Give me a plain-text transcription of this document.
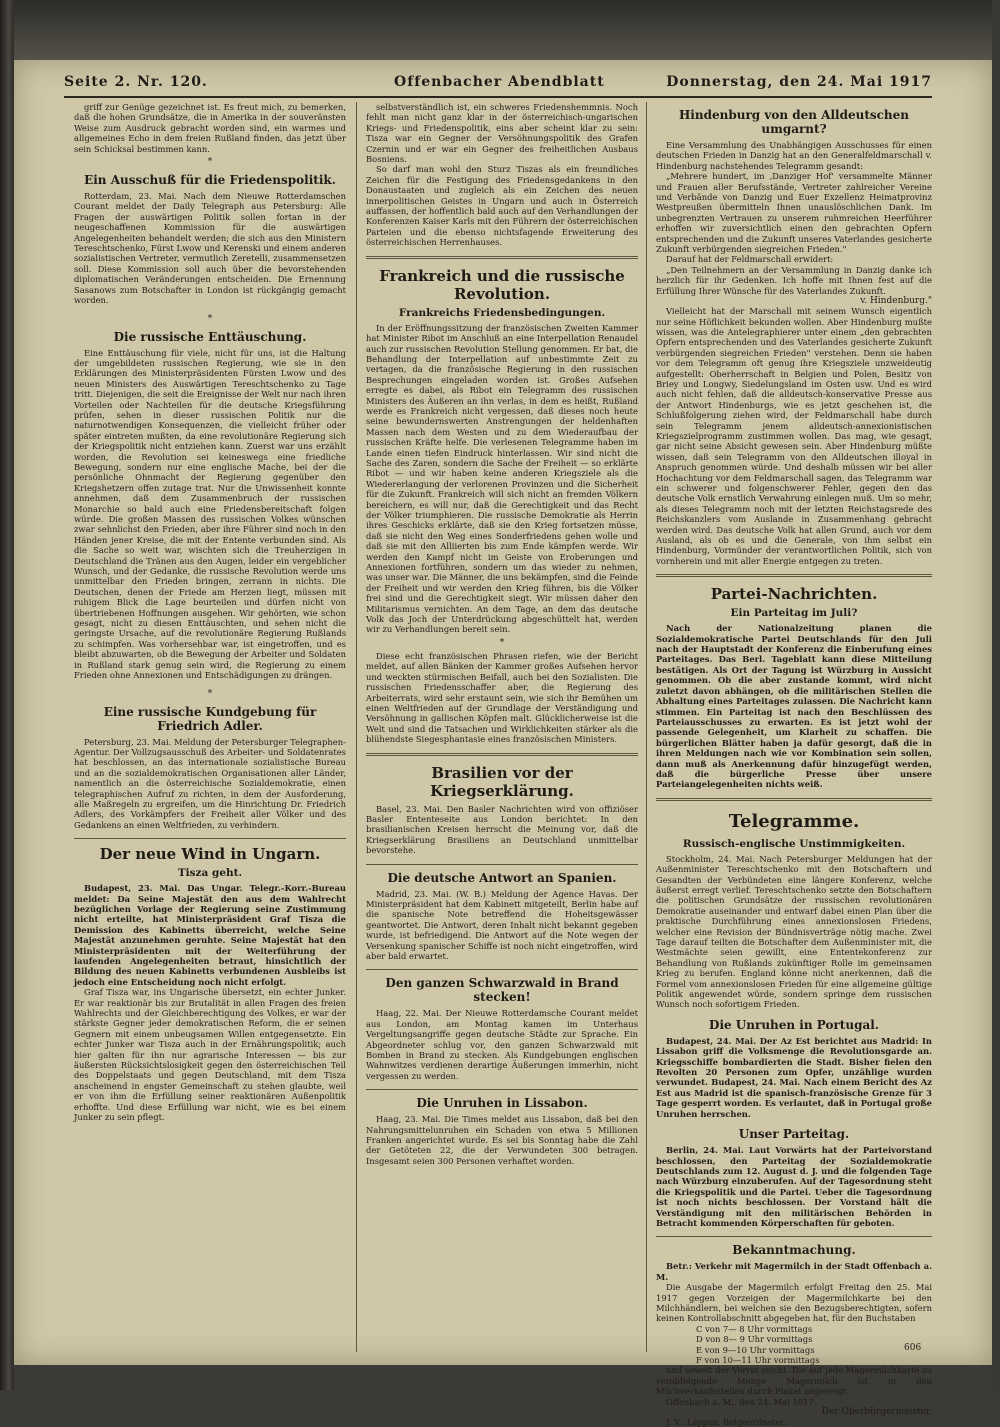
Seite 2. Nr. 120.	Offenbacher Abendblatt	Donnerstag, den 24. Mai 1917

griff zur Genüge gezeichnet ist. Es freut mich, zu bemerken, daß die hohen Grundsätze, die in Amerika in der souveränsten Weise zum Ausdruck gebracht worden sind, ein warmes und allgemeines Echo in dem freien Rußland finden, das jetzt über sein Schicksal bestimmen kann.

*
Ein Ausschuß für die Friedenspolitik.

Rotterdam, 23. Mai. Nach dem Nieuwe Rotterdamschen Courant meldet der Daily Telegraph aus Petersburg: Alle Fragen der auswärtigen Politik sollen fortan in der neugeschaffenen Kommission für die auswärtigen Angelegenheiten behandelt werden; die sich aus den Ministern Tereschtschenko, Fürst Lwow und Kerenski und einem anderen sozialistischen Vertreter, vermutlich Zeretelli, zusammensetzen soll. Diese Kommission soll auch über die bevorstehenden diplomatischen Veränderungen entscheiden. Die Ernennung Sasanows zum Botschafter in London ist rückgängig gemacht worden.

*
Die russische Enttäuschung.

Eine Enttäuschung für viele, nicht für uns, ist die Haltung der umgebildeten russischen Regierung, wie sie in den Erklärungen des Ministerpräsidenten Fürsten Lwow und des neuen Ministers des Auswärtigen Tereschtschenko zu Tage tritt. Diejenigen, die seit die Ereignisse der Welt nur nach ihren Vorteilen oder Nachteilen für die deutsche Kriegsführung prüfen, sehen in dieser russischen Politik nur die naturnotwendigen Konsequenzen, die vielleicht früher oder später eintreten mußten, da eine revolutionäre Regierung sich der Kriegspolitik nicht entziehen kann. Zuerst war uns erzählt worden, die Revolution sei keineswegs eine friedliche Bewegung, sondern nur eine englische Mache, bei der die persönliche Ohnmacht der Regierung gegenüber den Kriegshetzern offen zutage trat. Nur die Unwissenheit konnte annehmen, daß dem Zusammenbruch der russischen Monarchie so bald auch eine Friedensbereitschaft folgen würde. Die großen Massen des russischen Volkes wünschen zwar sehnlichst den Frieden, aber ihre Führer sind noch in den Händen jener Kreise, die mit der Entente verbunden sind. Als die Sache so weit war, wischten sich die Treuherzigen in Deutschland die Tränen aus den Augen, leider ein vergeblicher Wunsch, und der Gedanke, die russische Revolution werde uns unmittelbar den Frieden bringen, zerrann in nichts. Die Deutschen, denen der Friede am Herzen liegt, müssen mit ruhigem Blick die Lage beurteilen und dürfen nicht von übertriebenen Hoffnungen ausgehen. Wir gehörten, wie schon gesagt, nicht zu diesen Enttäuschten, und sehen nicht die geringste Ursache, auf die revolutionäre Regierung Rußlands zu schimpfen. Was vorhersehbar war, ist eingetroffen, und es bleibt abzuwarten, ob die Bewegung der Arbeiter und Soldaten in Rußland stark genug sein wird, die Regierung zu einem Frieden ohne Annexionen und Entschädigungen zu drängen.

*
Eine russische Kundgebung für Friedrich Adler.

Petersburg, 23. Mai. Meldung der Petersburger Telegraphen-Agentur. Der Vollzugsausschuß des Arbeiter- und Soldatenrates hat beschlossen, an das internationale sozialistische Bureau und an die sozialdemokratischen Organisationen aller Länder, namentlich an die österreichische Sozialdemokratie, einen telegraphischen Aufruf zu richten, in dem der Ausforderung, alle Maßregeln zu ergreifen, um die Hinrichtung Dr. Friedrich Adlers, des Vorkämpfers der Freiheit aller Völker und des Gedankens an einen Weltfrieden, zu verhindern.

Der neue Wind in Ungarn.
Tisza geht.

Budapest, 23. Mai. Das Ungar. Telegr.-Korr.-Bureau meldet: Da Seine Majestät den aus dem Wahlrecht bezüglichen Vorlage der Regierung seine Zustimmung nicht erteilte, hat Ministerpräsident Graf Tisza die Demission des Kabinetts überreicht, welche Seine Majestät anzunehmen geruhte. Seine Majestät hat den Ministerpräsidenten mit der Weiterführung der laufenden Angelegenheiten betraut, hinsichtlich der Bildung des neuen Kabinetts verbundenen Ausbleibs ist jedoch eine Entscheidung noch nicht erfolgt.

Graf Tisza war, ins Ungarische übersetzt, ein echter Junker. Er war reaktionär bis zur Brutalität in allen Fragen des freien Wahlrechts und der Gleichberechtigung des Volkes, er war der stärkste Gegner jeder demokratischen Reform, die er seinen Gegnern mit einem unbeugsamen Willen entgegensetzte. Ein echter Junker war Tisza auch in der Ernährungspolitik; auch hier galten für ihn nur agrarische Interessen — bis zur äußersten Rücksichtslosigkeit gegen den österreichischen Teil des Doppelstaats und gegen Deutschland, mit dem Tisza anscheinend in engster Gemeinschaft zu stehen glaubte, weil er von ihm die Erfüllung seiner reaktionären Außenpolitik erhoffte. Und diese Erfüllung war nicht, wie es bei einem Junker zu sein pflegt.

selbstverständlich ist, ein schweres Friedenshemmnis. Noch fehlt man nicht ganz klar in der österreichisch-ungarischen Kriegs- und Friedenspolitik, eins aber scheint klar zu sein: Tisza war ein Gegner der Versöhnungspolitik des Grafen Czernin und er war ein Gegner des freiheitlichen Ausbaus Bosniens.

So darf man wohl den Sturz Tiszas als ein freundliches Zeichen für die Festigung des Friedensgedankens in den Donaustaaten und zugleich als ein Zeichen des neuen innerpolitischen Geistes in Ungarn und auch in Österreich auffassen, der hoffentlich bald auch auf den Verhandlungen der Konferenzen Kaiser Karls mit den Führern der österreichischen Parteien und die ebenso nichtsfagende Erweiterung des österreichischen Herrenhauses.

Frankreich und die russische Revolution.
Frankreichs Friedensbedingungen.

In der Eröffnungssitzung der französischen Zweiten Kammer hat Minister Ribot im Anschluß an eine Interpellation Renaudel auch zur russischen Revolution Stellung genommen. Er bat, die Behandlung der Interpellation auf unbestimmte Zeit zu vertagen, da die französische Regierung in den russischen Besprechungen eingeladen worden ist. Großes Aufsehen erregte es dabei, als Ribot ein Telegramm des russischen Ministers des Äußeren an ihn verlas, in dem es heißt, Rußland werde es Frankreich nicht vergessen, daß dieses noch heute seine bewundernswerten Anstrengungen der heldenhaften Massen nach dem Westen und zu dem Wiederaufbau der russischen Kräfte helfe. Die verlesenen Telegramme haben im Lande einen tiefen Eindruck hinterlassen. Wir sind nicht die Sache des Zaren, sondern die Sache der Freiheit — so erklärte Ribot — und wir haben keine anderen Kriegsziele als die Wiedererlangung der verlorenen Provinzen und die Sicherheit für die Zukunft. Frankreich will sich nicht an fremden Völkern bereichern, es will nur, daß die Gerechtigkeit und das Recht der Völker triumphieren. Die russische Demokratie als Herrin ihres Geschicks erklärte, daß sie den Krieg fortsetzen müsse, daß sie nicht den Weg eines Sonderfriedens gehen wolle und daß sie mit den Alliierten bis zum Ende kämpfen werde. Wir werden den Kampf nicht im Geiste von Eroberungen und Annexionen fortführen, sondern um das wieder zu nehmen, was unser war. Die Männer, die uns bekämpfen, sind die Feinde der Freiheit und wir werden den Krieg führen, bis die Völker frei sind und die Gerechtigkeit siegt. Wir müssen daher den Militarismus vernichten. An dem Tage, an dem das deutsche Volk das Joch der Unterdrückung abgeschüttelt hat, werden wir zu Verhandlungen bereit sein.

*

Diese echt französischen Phrasen riefen, wie der Bericht meldet, auf allen Bänken der Kammer großes Aufsehen hervor und weckten stürmischen Beifall, auch bei den Sozialisten. Die russischen Friedensschaffer aber, die Regierung des Arbeiterrats, wird sehr erstaunt sein, wie sich ihr Bemühen um einen Weltfrieden auf der Grundlage der Verständigung und Versöhnung in gallischen Köpfen malt. Glücklicherweise ist die Welt und sind die Tatsachen und Wirklichkeiten stärker als die blühendste Siegesphantasie eines französischen Ministers.

Brasilien vor der Kriegserklärung.

Basel, 23. Mai. Den Basler Nachrichten wird von offiziöser Basler Ententeseite aus London berichtet: In den brasilianischen Kreisen herrscht die Meinung vor, daß die Kriegserklärung Brasiliens an Deutschland unmittelbar bevorstehe.

Die deutsche Antwort an Spanien.

Madrid, 23. Mai. (W. B.) Meldung der Agence Havas. Der Ministerpräsident hat dem Kabinett mitgeteilt, Berlin habe auf die spanische Note betreffend die Hoheitsgewässer geantwortet. Die Antwort, deren Inhalt nicht bekannt gegeben wurde, ist befriedigend. Die Antwort auf die Note wegen der Versenkung spanischer Schiffe ist noch nicht eingetroffen, wird aber bald erwartet.

Den ganzen Schwarzwald in Brand stecken!

Haag, 22. Mai. Der Nieuwe Rotterdamsche Courant meldet aus London, am Montag kamen im Unterhaus Vergeltungsangriffe gegen deutsche Städte zur Sprache. Ein Abgeordneter schlug vor, den ganzen Schwarzwald mit Bomben in Brand zu stecken. Als Kundgebungen englischen Wahnwitzes verdienen derartige Äußerungen immerhin, nicht vergessen zu werden.

Die Unruhen in Lissabon.

Haag, 23. Mai. Die Times meldet aus Lissabon, daß bei den Nahrungsmittelunruhen ein Schaden von etwa 5 Millionen Franken angerichtet wurde. Es sei bis Sonntag habe die Zahl der Getöteten 22, die der Verwundeten 300 betragen. Insgesamt seien 300 Personen verhaftet worden.

Hindenburg von den Alldeutschen umgarnt?

Eine Versammlung des Unabhängigen Ausschusses für einen deutschen Frieden in Danzig hat an den Generalfeldmarschall v. Hindenburg nachstehendes Telegramm gesandt:

„Mehrere hundert, im ‚Danziger Hof' versammelte Männer und Frauen aller Berufsstände, Vertreter zahlreicher Vereine und Verbände von Danzig und Euer Exzellenz Heimatprovinz Westpreußen übermitteln Ihnen unauslöschlichen Dank. Im unbegrenzten Vertrauen zu unserem ruhmreichen Heerführer erhoffen wir zuversichtlich einen den gebrachten Opfern entsprechenden und die Zukunft unseres Vaterlandes gesicherte Zukunft verbürgenden siegreichen Frieden."

Darauf hat der Feldmarschall erwidert:

„Den Teilnehmern an der Versammlung in Danzig danke ich herzlich für ihr Gedenken. Ich hoffe mit Ihnen fest auf die Erfüllung Ihrer Wünsche für des Vaterlandes Zukunft.

v. Hindenburg."

Vielleicht hat der Marschall mit seinem Wunsch eigentlich nur seine Höflichkeit bekunden wollen. Aber Hindenburg mußte wissen, was die Antelegraphierer unter einem „den gebrachten Opfern entsprechenden und des Vaterlandes gesicherte Zukunft verbürgenden siegreichen Frieden" verstehen. Denn sie haben vor dem Telegramm oft genug ihre Kriegsziele unzweideutig aufgestellt: Oberherrschaft in Belgien und Polen, Besitz von Briey und Longwy, Siedelungsland im Osten usw. Und es wird auch nicht fehlen, daß die alldeutsch-konservative Presse aus der Antwort Hindenburgs, wie es jetzt geschehen ist, die Schlußfolgerung ziehen wird, der Feldmarschall habe durch sein Telegramm jenem alldeutsch-annexionistischen Kriegszielprogramm zustimmen wollen. Das mag, wie gesagt, gar nicht seine Absicht gewesen sein. Aber Hindenburg müßte wissen, daß sein Telegramm von den Alldeutschen illoyal in Anspruch genommen würde. Und deshalb müssen wir bei aller Hochachtung vor dem Feldmarschall sagen, das Telegramm war ein schwerer und folgenschwerer Fehler, gegen den das deutsche Volk ernstlich Verwahrung einlegen muß. Um so mehr, als dieses Telegramm noch mit der letzten Reichstagsrede des Reichskanzlers vom Auslande in Zusammenhang gebracht werden wird. Das deutsche Volk hat allen Grund, auch vor dem Ausland, als ob es und die Generale, von ihm selbst ein Hindenburg, Vormünder der verantwortlichen Politik, sich von vornherein und mit aller Energie entgegen zu treten.

Partei-Nachrichten.
Ein Parteitag im Juli?

Nach der Nationalzeitung planen die Sozialdemokratische Partei Deutschlands für den Juli nach der Hauptstadt der Konferenz die Einberufung eines Parteitages. Das Berl. Tageblatt kann diese Mitteilung bestätigen. Als Ort der Tagung ist Würzburg in Aussicht genommen. Ob die aber zustande kommt, wird nicht zuletzt davon abhängen, ob die militärischen Stellen die Abhaltung eines Parteitages zulassen. Die Nachricht kann stimmen. Ein Parteitag ist nach den Beschlüssen des Parteiausschusses zu erwarten. Es ist jetzt wohl der passende Gelegenheit, um Klarheit zu schaffen. Die bürgerlichen Blätter haben ja dafür gesorgt, daß die in ihren Meldungen nach wie vor Kombination sein sollen, dann muß als Anerkennung dafür hinzugefügt werden, daß die bürgerliche Presse über unsere Parteiangelegenheiten nichts weiß.

Telegramme.
Russisch-englische Unstimmigkeiten.

Stockholm, 24. Mai. Nach Petersburger Meldungen hat der Außenminister Tereschtschenko mit den Botschaftern und Gesandten der Verbündeten eine längere Konferenz, welche äußerst erregt verlief. Tereschtschenko setzte den Botschaftern die politischen Grundsätze der russischen revolutionären Demokratie auseinander und entwarf dabei einen Plan über die praktische Durchführung eines annexionslosen Friedens, welcher eine Revision der Bündnisverträge nötig mache. Zwei Tage darauf teilten die Botschafter dem Außenminister mit, die Westmächte seien gewillt, eine Ententekonferenz zur Behandlung von Rußlands zukünftiger Rolle im gemeinsamen Krieg zu berufen. England könne nicht anerkennen, daß die Formel vom annexionslosen Frieden für eine allgemeine gültige Politik angewendet würde, sondern springe dem russischen Wunsch noch sofortigem Frieden.

Die Unruhen in Portugal.

Budapest, 24. Mai. Der Az Est berichtet aus Madrid: In Lissabon griff die Volksmenge die Revolutionsgarde an. Kriegsschiffe bombardierten die Stadt. Bisher fielen den Revolten 20 Personen zum Opfer, unzählige wurden verwundet. Budapest, 24. Mai. Nach einem Bericht des Az Est aus Madrid ist die spanisch-französische Grenze für 3 Tage gesperrt worden. Es verlautet, daß in Portugal große Unruhen herrschen.

Unser Parteitag.

Berlin, 24. Mai. Laut Vorwärts hat der Parteivorstand beschlossen, den Parteitag der Sozialdemokratie Deutschlands zum 12. August d. J. und die folgenden Tage nach Würzburg einzuberufen. Auf der Tagesordnung steht die Kriegspolitik und die Partei. Ueber die Tagesordnung ist noch nichts beschlossen. Der Vorstand hält die Verständigung mit den militärischen Behörden in Betracht kommenden Körperschaften für geboten.

Bekanntmachung.

Betr.: Verkehr mit Magermilch in der Stadt Offenbach a. M.

Die Ausgabe der Magermilch erfolgt Freitag den 25. Mai 1917 gegen Vorzeigen der Magermilchkarte bei den Milchhändlern, bei welchen sie den Bezugsberechtigten, sofern keinen Kontrollabschnitt abgegeben hat, für den Buchstaben

C von 7— 8 Uhr vormittags
D von 8— 9 Uhr vormittags
E von 9—10 Uhr vormittags
F von 10—11 Uhr vormittags

und soweit der Vorrat reicht. Die auf jede Magermilchkarte zu verabfolgende Menge Magermilch ist in den Milchverkaufsstellen durch Plakat angezeigt.

Offenbach a. M., den 24. Mai 1917.

Der Oberbürgermeister.

J. V.: Lappus, Beigeordneter.

606
